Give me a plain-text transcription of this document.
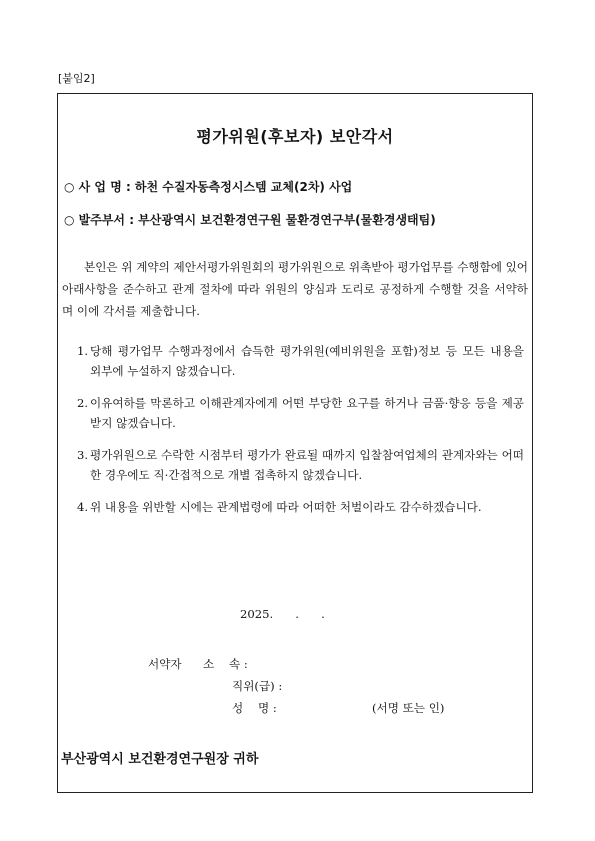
[붙임2]
평가위원(후보자) 보안각서
○ 사 업 명 : 하천 수질자동측정시스템 교체(2차) 사업
○ 발주부서 : 부산광역시 보건환경연구원 물환경연구부(물환경생태팀)
본인은 위 계약의 제안서평가위원회의 평가위원으로 위촉받아 평가업무를 수행함에 있어 아래사항을 준수하고 관계 절차에 따라 위원의 양심과 도리로 공정하게 수행할 것을 서약하며 이에 각서를 제출합니다.
1. 당해 평가업무 수행과정에서 습득한 평가위원(예비위원을 포함)정보 등 모든 내용을 외부에 누설하지 않겠습니다.
2. 이유여하를 막론하고 이해관계자에게 어떤 부당한 요구를 하거나 금품·향응 등을 제공받지 않겠습니다.
3. 평가위원으로 수락한 시점부터 평가가 완료될 때까지 입찰참여업체의 관계자와는 어떠한 경우에도 직·간접적으로 개별 접촉하지 않겠습니다.
4. 위 내용을 위반할 시에는 관계법령에 따라 어떠한 처벌이라도 감수하겠습니다.
2025.      .      .
서약자 소    속 :
직위(급) :
성    명 :	(서명 또는 인)
부산광역시 보건환경연구원장 귀하
